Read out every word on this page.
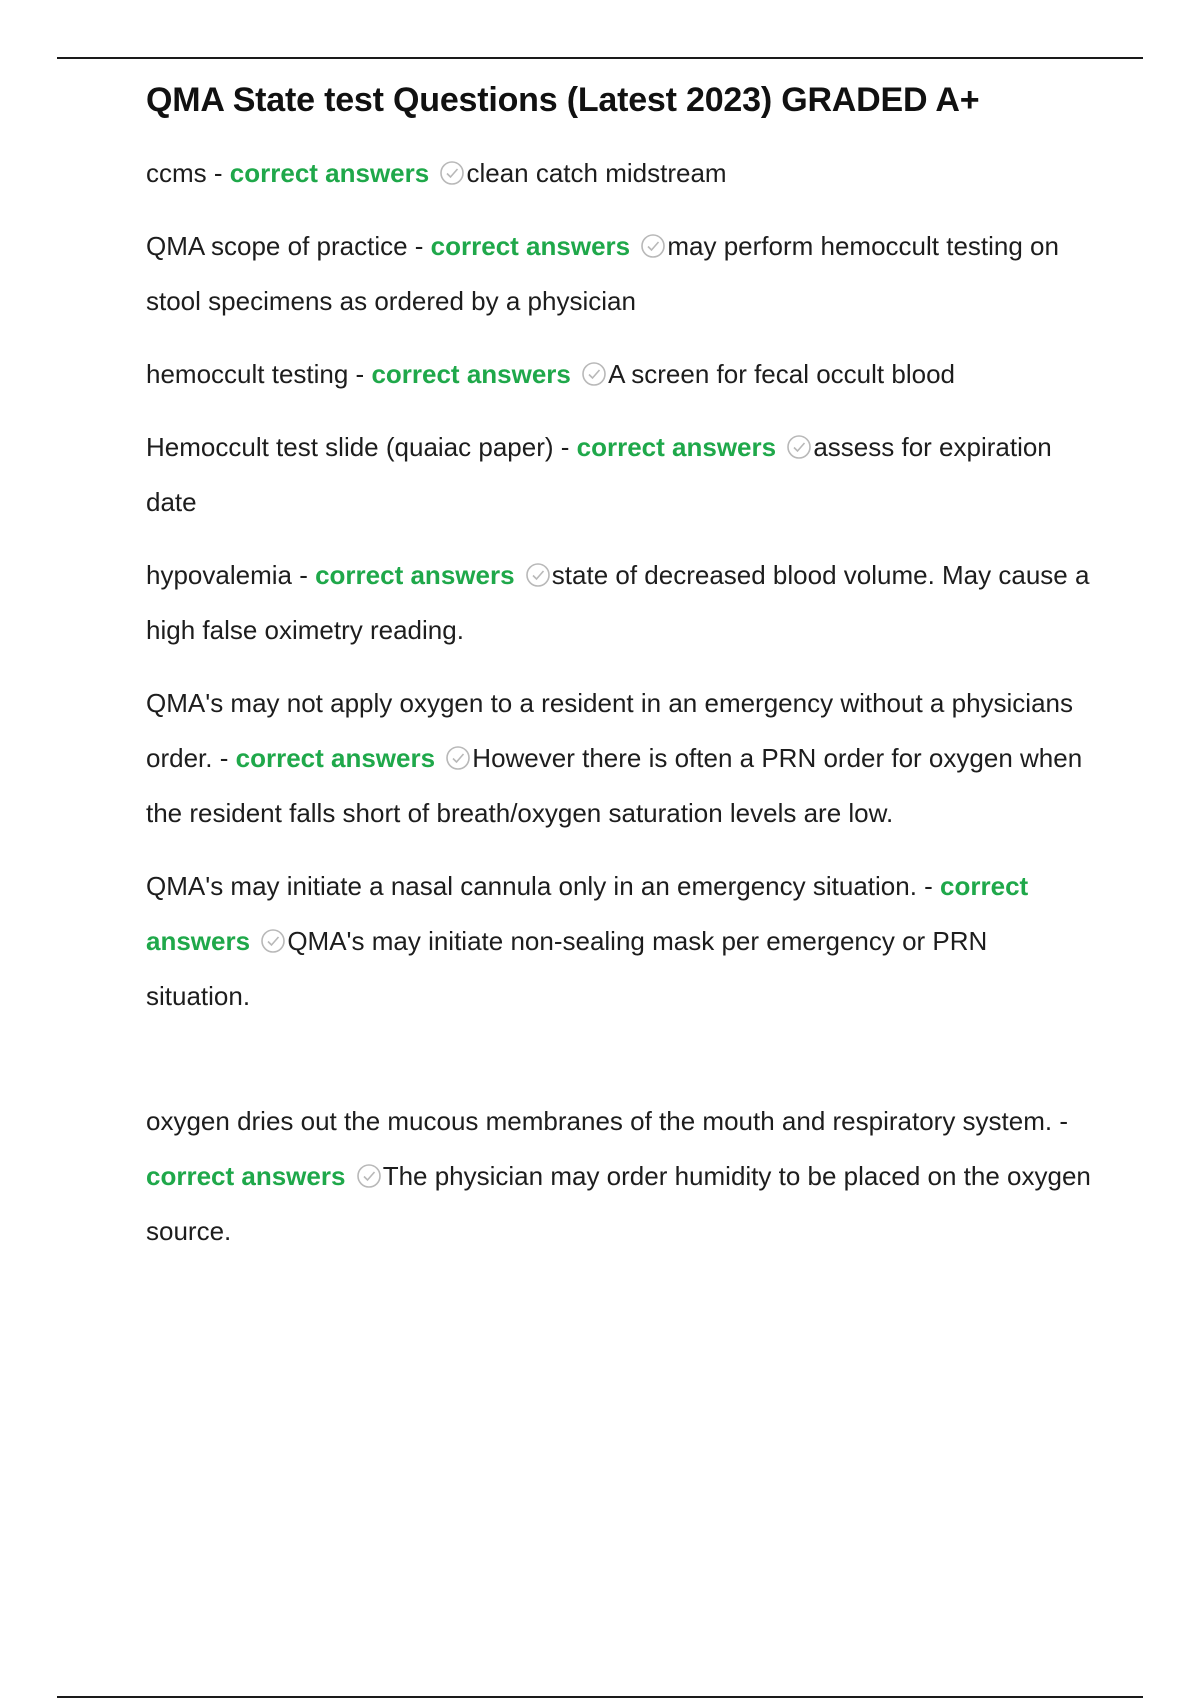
QMA State test Questions (Latest 2023) GRADED A+

ccms - correct answers clean catch midstream

QMA scope of practice - correct answers may perform hemoccult testing on stool specimens as ordered by a physician

hemoccult testing - correct answers A screen for fecal occult blood

Hemoccult test slide (quaiac paper) - correct answers assess for expiration date

hypovalemia - correct answers state of decreased blood volume. May cause a high false oximetry reading.

QMA's may not apply oxygen to a resident in an emergency without a physicians order. - correct answers However there is often a PRN order for oxygen when the resident falls short of breath/oxygen saturation levels are low.

QMA's may initiate a nasal cannula only in an emergency situation. - correct answers QMA's may initiate non-sealing mask per emergency or PRN situation.

oxygen dries out the mucous membranes of the mouth and respiratory system. - correct answers The physician may order humidity to be placed on the oxygen source.
